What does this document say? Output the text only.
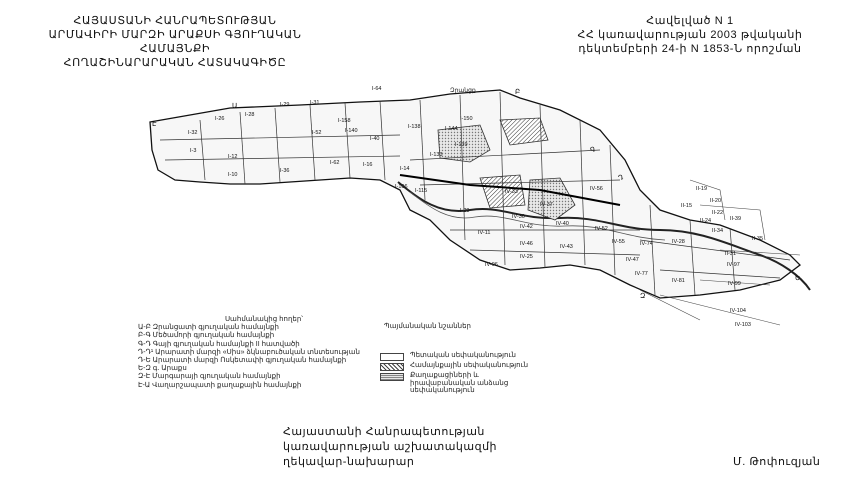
ՀԱՅԱՍՏԱՆԻ ՀԱՆՐԱՊԵՏՈՒԹՅԱՆ
ԱՐՄԱՎԻՐԻ ՄԱՐԶԻ ԱՐԱՔՍԻ ԳՅՈՒՂԱԿԱՆ ՀԱՄԱՅՆՔԻ
ՀՈՂԱՇԻՆԱՐԱՐԱԿԱՆ ՀԱՏԱԿԱԳԻԾԸ
Հավելված N 1
ՀՀ կառավարության 2003 թվականի
դեկտեմբերի 24-ի N 1853-Ն որոշման
I-64
I-29	I-31
I-26
I-28
I-32
I-3
I-12
I-10
I-36
I-52
I-158
I-140
I-139
I-144
I-150
I-133
I-14
I-40
I-138
I-62	I-16
I-106
I-115
I-29
IV-33
IV-37
IV-30
IV-42	IV-40
IV-56
IV-46	IV-43
IV-25
IV-52
IV-55	IV-74
IV-77
IV-81
IV-96
IV-11
II-19
II-20
II-22
II-24
II-34
II-39
II-35
II-31
IV-97
IV-99
IV-104
IV-103
II-15
IV-28
IV-47
Զրանցք
Ա
Բ
Գ
Դ
Ե
Զ
Է
Սահմանակից հողեր՝
Ա-Բ Զրանցատի գյուղական համայնքի
Բ-Գ Մեծամորի գյուղական համայնքի
Գ-Դ Գայի գյուղական համայնքի II հատվածի
Դ-Դ¹ Արարատի մարզի «Սիս» ձկնաբուծական տնտեսության
Դ-Ե Արարատի մարզի Ոսկետափի գյուղական համայնքի
Ե-Զ գ. Արաքս
Զ-Է Մարգարայի գյուղական համայնքի
Է-Ա Վաղարշապատի քաղաքային համայնքի
Պայմանական նշաններ
Պետական սեփականություն
Համայնքային սեփականություն
Քաղաքացիների և իրավաբանական անձանց սեփականություն
Հայաստանի Հանրապետության
կառավարության աշխատակազմի
ղեկավար-նախարար	Մ. Թոփուզյան
